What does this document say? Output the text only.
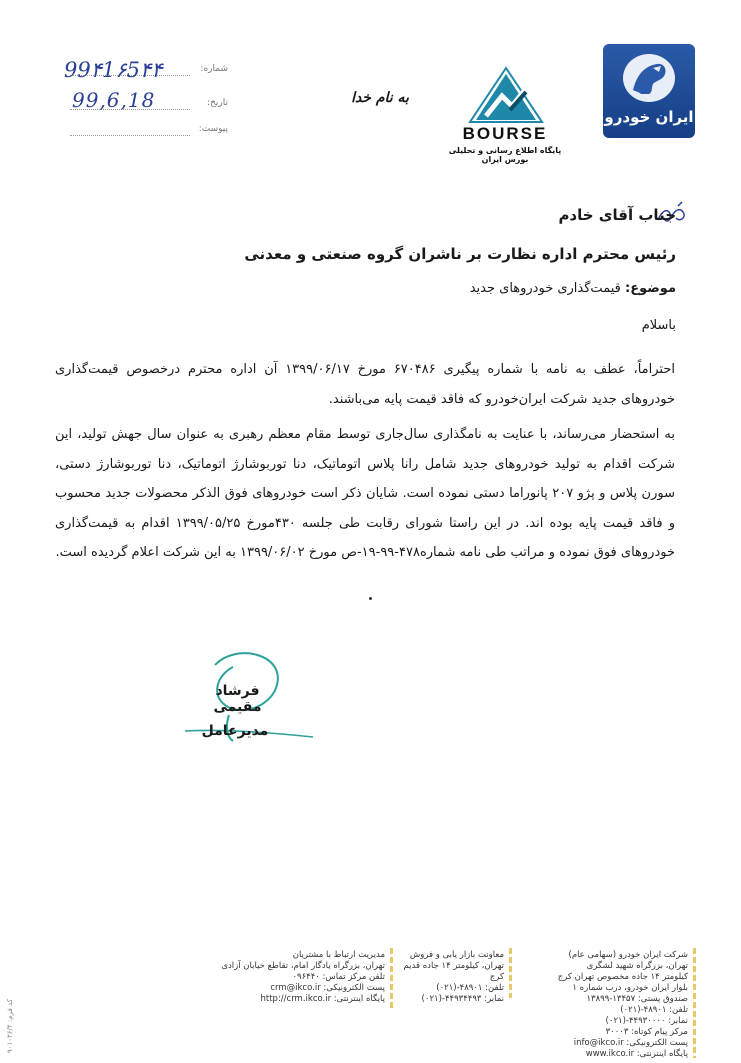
ایران خودرو
BOURSE
پایگاه اطلاع رسانی و تحلیلی بورس ایران
به نام خدا
شماره:
99۴1۶5۴۴
تاریخ:
99,6,18
پیوست:
جناب آقای خادم
رئیس محترم اداره نظارت بر ناشران گروه صنعتی و معدنی
موضوع: قیمت‌گذاری خودروهای جدید
باسلام
احتراماً، عطف به نامه با شماره پیگیری ۶۷۰۴۸۶ مورخ ۱۳۹۹/۰۶/۱۷ آن اداره محترم درخصوص قیمت‌گذاری خودروهای جدید شرکت ایران‌خودرو که فاقد قیمت پایه می‌باشند.
به استحضار می‌رساند، با عنایت به نامگذاری سال‌جاری توسط مقام معظم رهبری به عنوان سال جهش تولید، این شرکت اقدام به تولید خودروهای جدید شامل رانا پلاس اتوماتیک، دنا توربوشارژ اتوماتیک، دنا توربوشارژ دستی، سورن پلاس و پژو ۲۰۷ پانوراما دستی نموده است. شایان ذکر است خودروهای فوق الذکر محصولات جدید محسوب و فاقد قیمت پایه بوده اند. در این راستا شورای رقابت طی جلسه ۴۳۰مورخ ۱۳۹۹/۰۵/۲۵ اقدام به قیمت‌گذاری خودروهای فوق نموده و مراتب طی نامه شماره۴۷۸-۹۹-۱۹-ص مورخ ۱۳۹۹/۰۶/۰۲ به این شرکت اعلام گردیده است.
فرشاد مقیمی
مدیرعامل
شرکت ایران خودرو (سهامی عام)
تهران، بزرگراه شهید لشگری
کیلومتر ۱۴ جاده مخصوص تهران کرج
بلوار ایران خودرو، درب شماره ۱
صندوق پستی: ۱۳۴۵۷-۱۳۸۹۹
تلفن: ۴۸۹۰۱-(۰۲۱)
نمابر: ۴۴۹۳۰۰۰۰-(۰۲۱)
مرکز پیام کوتاه: ۳۰۰۰۳
پست الکترونیکی: info@ikco.ir
پایگاه اینترنتی: www.ikco.ir
معاونت بازار یابی و فروش
تهران، کیلومتر ۱۴ جاده قدیم کرج
تلفن: ۴۸۹۰۱-(۰۲۱)
نمابر: ۴۴۹۳۴۴۹۳-(۰۲۱)
مدیریت ارتباط با مشتریان
تهران، بزرگراه یادگار امام، تقاطع خیابان آزادی
تلفن مرکز تماس: ۰۹۶۴۴۰
پست الکترونیکی: crm@ikco.ir
پایگاه اینترنتی: http://crm.ikco.ir
کد فرم: ۹۰۱۰۳۶/۴
